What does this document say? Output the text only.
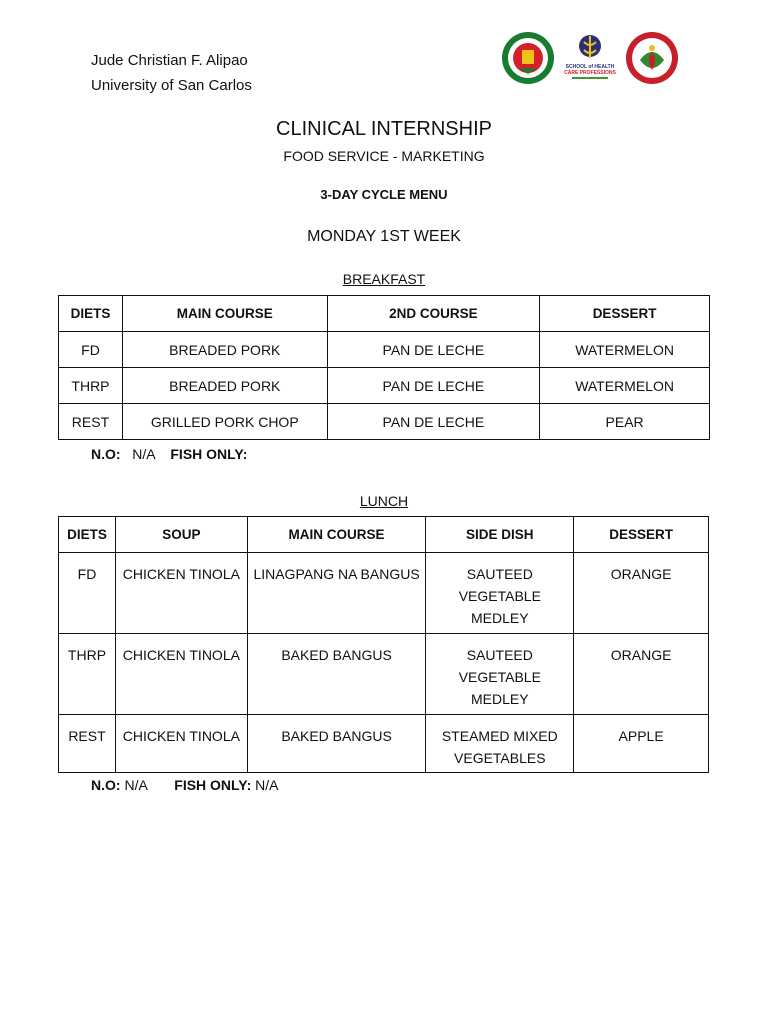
Jude Christian F. Alipao
University of San Carlos
SCHOOL of HEALTH
CARE PROFESSIONS
CLINICAL INTERNSHIP
FOOD SERVICE - MARKETING
3-DAY CYCLE MENU
MONDAY 1ST WEEK
BREAKFAST
DIETS	MAIN COURSE	2ND COURSE	DESSERT
FD	BREADED PORK	PAN DE LECHE	WATERMELON
THRP	BREADED PORK	PAN DE LECHE	WATERMELON
REST	GRILLED PORK CHOP	PAN DE LECHE	PEAR
N.O: N/A FISH ONLY:
LUNCH
DIETS	SOUP	MAIN COURSE	SIDE DISH	DESSERT
FD	CHICKEN TINOLA	LINAGPANG NA BANGUS	SAUTEED VEGETABLE MEDLEY	ORANGE
THRP	CHICKEN TINOLA	BAKED BANGUS	SAUTEED VEGETABLE MEDLEY	ORANGE
REST	CHICKEN TINOLA	BAKED BANGUS	STEAMED MIXED VEGETABLES	APPLE
N.O: N/A FISH ONLY: N/A
